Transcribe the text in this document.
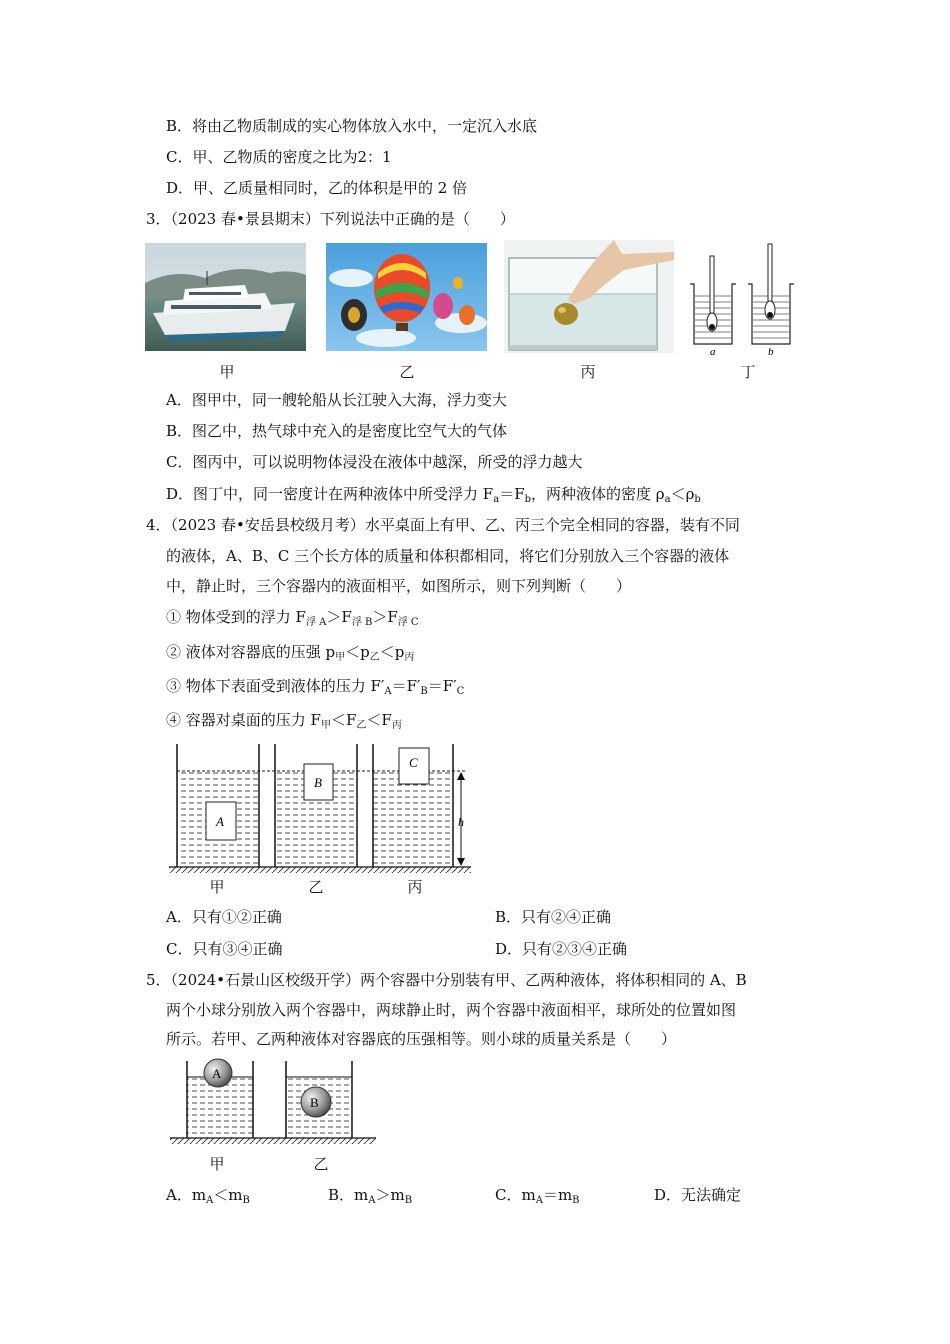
B．将由乙物质制成的实心物体放入水中，一定沉入水底
C．甲、乙物质的密度之比为2：1
D．甲、乙质量相同时，乙的体积是甲的 2 倍
3．（2023 春•景县期末）下列说法中正确的是（　　）
a	b
甲	乙	丙	丁
A．图甲中，同一艘轮船从长江驶入大海，浮力变大
B．图乙中，热气球中充入的是密度比空气大的气体
C．图丙中，可以说明物体浸没在液体中越深，所受的浮力越大
D．图丁中，同一密度计在两种液体中所受浮力 $F_a=F_b$，两种液体的密度 $\rho_a<\rho_b$
4．（2023 春•安岳县校级月考）水平桌面上有甲、乙、丙三个完全相同的容器，装有不同
的液体，A、B、C 三个长方体的质量和体积都相同，将它们分别放入三个容器的液体
中，静止时，三个容器内的液面相平，如图所示，则下列判断（　　）
① 物体受到的浮力 $F_{浮 A}>F_{浮 B}>F_{浮 C}$
② 液体对容器底的压强 $p_甲<p_乙<p_丙$
③ 物体下表面受到液体的压力 $F'_A=F'_B=F'_C$
④ 容器对桌面的压力 $F_甲<F_乙<F_丙$
A
B
C
h
甲	乙	丙
A．只有①②正确	B．只有②④正确
C．只有③④正确	D．只有②③④正确
5．（2024•石景山区校级开学）两个容器中分别装有甲、乙两种液体，将体积相同的 A、B
两个小球分别放入两个容器中，两球静止时，两个容器中液面相平，球所处的位置如图
所示。若甲、乙两种液体对容器底的压强相等。则小球的质量关系是（　　）
A
B
甲	乙
A．$m_A<m_B$	B．$m_A>m_B$	C．$m_A=m_B$	D．无法确定
